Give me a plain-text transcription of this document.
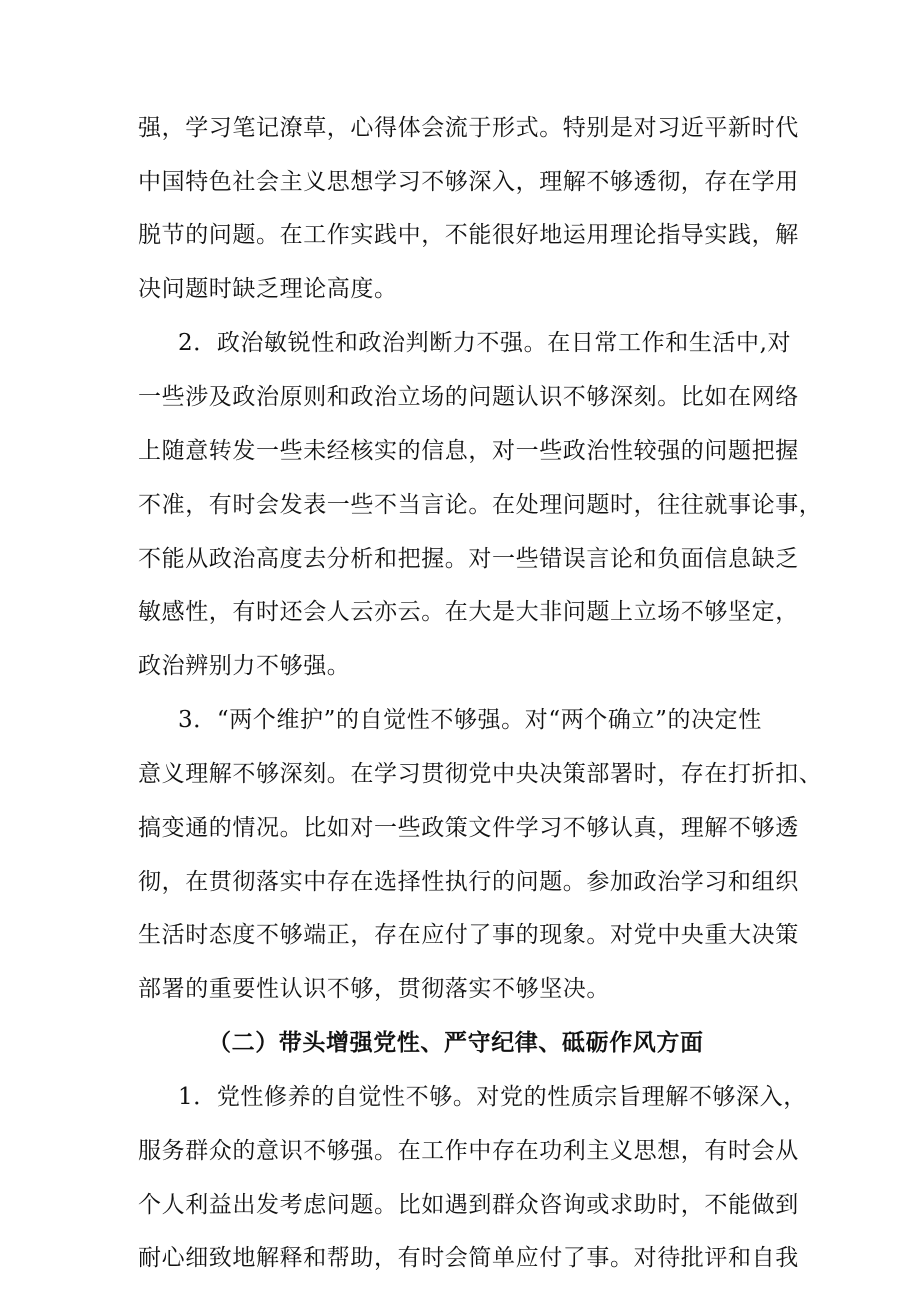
强，学习笔记潦草，心得体会流于形式。特别是对习近平新时代
中国特色社会主义思想学习不够深入，理解不够透彻，存在学用
脱节的问题。在工作实践中，不能很好地运用理论指导实践，解
决问题时缺乏理论高度。
2．政治敏锐性和政治判断力不强。在日常工作和生活中,对
一些涉及政治原则和政治立场的问题认识不够深刻。比如在网络
上随意转发一些未经核实的信息，对一些政治性较强的问题把握
不准，有时会发表一些不当言论。在处理问题时，往往就事论事，
不能从政治高度去分析和把握。对一些错误言论和负面信息缺乏
敏感性，有时还会人云亦云。在大是大非问题上立场不够坚定，
政治辨别力不够强。
3．“两个维护”的自觉性不够强。对“两个确立”的决定性
意义理解不够深刻。在学习贯彻党中央决策部署时，存在打折扣、
搞变通的情况。比如对一些政策文件学习不够认真，理解不够透
彻，在贯彻落实中存在选择性执行的问题。参加政治学习和组织
生活时态度不够端正，存在应付了事的现象。对党中央重大决策
部署的重要性认识不够，贯彻落实不够坚决。
（二）带头增强党性、严守纪律、砥砺作风方面
1．党性修养的自觉性不够。对党的性质宗旨理解不够深入，
服务群众的意识不够强。在工作中存在功利主义思想，有时会从
个人利益出发考虑问题。比如遇到群众咨询或求助时，不能做到
耐心细致地解释和帮助，有时会简单应付了事。对待批评和自我
